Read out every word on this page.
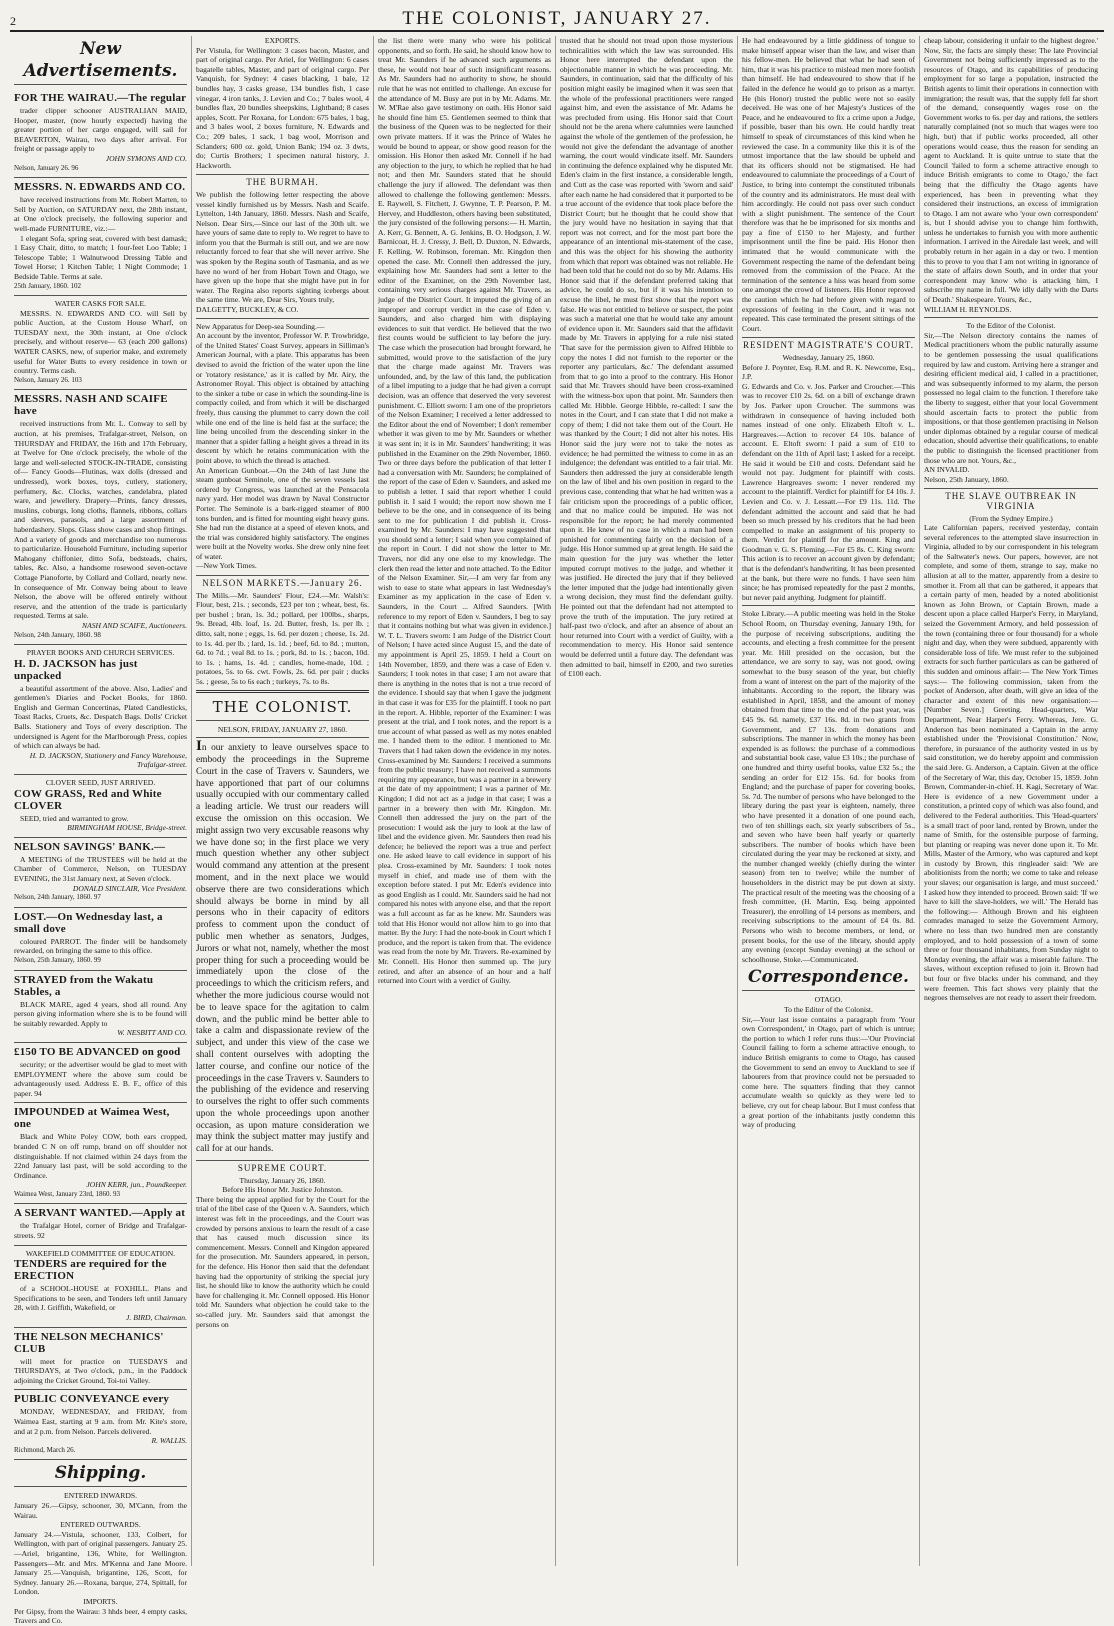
2	THE COLONIST, JANUARY 27.
New Advertisements.
FOR THE WAIRAU.—The regular

trader clipper schooner AUSTRALIAN MAID, Hooper, master, (now hourly expected) having the greater portion of her cargo engaged, will sail for BEAVERTON, Wairau, two days after arrival. For freight or passage apply to

JOHN SYMONS AND CO.
Nelson, January 26. 96
MESSRS. N. EDWARDS AND CO.

have received instructions from Mr. Robert Marten, to Sell by Auction, on SATURDAY next, the 28th instant, at One o'clock precisely, the following superior and well-made FURNITURE, viz.:—

1 elegant Sofa, spring seat, covered with best damask; 1 Easy Chair, ditto, to match; 1 four-feet Loo Table; 1 Telescope Table; 1 Walnutwood Dressing Table and Towel Horse; 1 Kitchen Table; 1 Night Commode; 1 Bedside Table. Terms at sale.

25th January, 1860. 102
WATER CASKS FOR SALE.

MESSRS. N. EDWARDS AND CO. will Sell by public Auction, at the Custom House Wharf, on TUESDAY next, the 30th instant, at One o'clock precisely, and without reserve— 63 (each 200 gallons) WATER CASKS, new, of superior make, and extremely useful for Water Butts to every residence in town or country. Terms cash.

Nelson, January 26. 103
MESSRS. NASH AND SCAIFE have

received instructions from Mr. L. Conway to sell by auction, at his premises, Trafalgar-street, Nelson, on THURSDAY and FRIDAY, the 16th and 17th February, at Twelve for One o'clock precisely, the whole of the large and well-selected STOCK-IN-TRADE, consisting of— Fancy Goods—Flutinas, wax dolls (dressed and undressed), work boxes, toys, cutlery, stationery, perfumery, &c. Clocks, watches, candelabra, plated ware, and jewellery. Drapery—Prints, fancy dresses, muslins, coburgs, long cloths, flannels, ribbons, collars and sleeves, parasols, and a large assortment of haberdashery. Slops. Glass show cases and shop fittings. And a variety of goods and merchandise too numerous to particularize. Household Furniture, including superior Mahogany chiffonier, ditto Sofa, bedsteads, chairs, tables, &c. Also, a handsome rosewood seven-octave Cottage Pianoforte, by Collard and Collard, nearly new. In consequence of Mr. Conway being about to leave Nelson, the above will be offered entirely without reserve, and the attention of the trade is particularly requested. Terms at sale.

NASH AND SCAIFE, Auctioneers.
Nelson, 24th January, 1860. 98
PRAYER BOOKS AND CHURCH SERVICES.
H. D. JACKSON has just unpacked

a beautiful assortment of the above. Also, Ladies' and gentlemen's Diaries and Pocket Books, for 1860. English and German Concertinas, Plated Candlesticks, Toast Racks, Cruets, &c. Despatch Bags. Dolls' Cricket Balls. Stationery and Toys of every description. The undersigned is Agent for the Marlborough Press, copies of which can always be had.

H. D. JACKSON, Stationery and Fancy Warehouse, Trafalgar-street.
CLOVER SEED, JUST ARRIVED.
COW GRASS, Red and White CLOVER

SEED, tried and warranted to grow.

BIRMINGHAM HOUSE, Bridge-street.
NELSON SAVINGS' BANK.—

A MEETING of the TRUSTEES will be held at the Chamber of Commerce, Nelson, on TUESDAY EVENING, the 31st January next, at Seven o'clock.

DONALD SINCLAIR, Vice President.
Nelson, 24th January, 1860. 97
LOST.—On Wednesday last, a small dove

coloured PARROT. The finder will be handsomely rewarded, on bringing the same to this office.

Nelson, 25th January, 1860. 99
STRAYED from the Wakatu Stables, a

BLACK MARE, aged 4 years, shod all round. Any person giving information where she is to be found will be suitably rewarded. Apply to

W. NESBITT AND CO.
£150 TO BE ADVANCED on good

security; or the advertiser would be glad to meet with EMPLOYMENT where the above sum could be advantageously used. Address E. B. F., office of this paper. 94

IMPOUNDED at Waimea West, one

Black and White Poley COW, both ears cropped, branded C N on off rump, brand on off shoulder not distinguishable. If not claimed within 24 days from the 22nd January last past, will be sold according to the Ordinance.

JOHN KERR, jun., Poundkeeper.
Waimea West, January 23rd, 1860. 93
A SERVANT WANTED.—Apply at

the Trafalgar Hotel, corner of Bridge and Trafalgar-streets. 92

WAKEFIELD COMMITTEE OF EDUCATION.
TENDERS are required for the ERECTION

of a SCHOOL-HOUSE at FOXHILL. Plans and Specifications to be seen, and Tenders left until January 28, with J. Griffith, Wakefield, or

J. BIRD, Chairman.
THE NELSON MECHANICS' CLUB

will meet for practice on TUESDAYS and THURSDAYS, at Two o'clock, p.m., in the Paddock adjoining the Cricket Ground, Toi-toi Valley.

PUBLIC CONVEYANCE every

MONDAY, WEDNESDAY, and FRIDAY, from Waimea East, starting at 9 a.m. from Mr. Kite's store, and at 2 p.m. from Nelson. Parcels delivered.

R. WALLIS.
Richmond, March 26.
Shipping.
ENTERED INWARDS.

January 26.—Gipsy, schooner, 30, M'Cann, from the Wairau.

ENTERED OUTWARDS.

January 24.—Vistula, schooner, 133, Colbert, for Wellington, with part of original passengers. January 25.—Ariel, brigantine, 136, White, for Wellington. Passengers—Mr. and Mrs. M'Kenna and Jane Moore. January 25.—Vanquish, brigantine, 126, Scott, for Sydney. January 26.—Roxana, barque, 274, Spittall, for London.

IMPORTS.

Per Gipsy, from the Wairau: 3 hhds beer, 4 empty casks, Travers and Co.

EXPORTS.

Per Vistula, for Wellington: 3 cases bacon, Master, and part of original cargo. Per Ariel, for Wellington: 6 cases bagatelle tables, Master, and part of original cargo. Per Vanquish, for Sydney: 4 cases blacking, 1 bale, 12 bundles hay, 3 casks grease, 134 bundles fish, 1 case vinegar, 4 iron tanks, J. Levien and Co.; 7 bales wool, 4 bundles flax, 20 bundles sheepskins, Lightband; 8 cases apples, Scott. Per Roxana, for London: 675 bales, 1 bag, and 3 bales wool, 2 boxes furniture, N. Edwards and Co.; 209 bales, 1 sack, 1 bag wool, Morrison and Sclanders; 600 oz. gold, Union Bank; 194 oz. 3 dwts, do; Curtis Brothers; 1 specimen natural history, J. Hackworth.

THE BURMAH.

We publish the following letter respecting the above vessel kindly furnished us by Messrs. Nash and Scaife. Lyttelton, 14th January, 1860. Messrs. Nash and Scaife, Nelson. Dear Sirs,—Since our last of the 30th ult. we have yours of same date to reply to. We regret to have to inform you that the Burmah is still out, and we are now reluctantly forced to fear that she will never arrive. She was spoken by the Regina south of Tasmania, and as we have no word of her from Hobart Town and Otago, we have given up the hope that she might have put in for water. The Regina also reports sighting icebergs about the same time. We are, Dear Sirs, Yours truly,

DALGETTY, BUCKLEY, & CO.

New Apparatus for Deep-sea Sounding.—

An account by the inventor, Professor W. P. Trowbridge, of the United States' Coast Survey, appears in Silliman's American Journal, with a plate. This apparatus has been devised to avoid the friction of the water upon the line or 'rotatory resistance,' as it is called by Mr. Airy, the Astronomer Royal. This object is obtained by attaching to the sinker a tube or case in which the sounding-line is compactly coiled, and from which it will be discharged freely, thus causing the plummet to carry down the coil while one end of the line is held fast at the surface; the line being uncoiled from the descending sinker in the manner that a spider falling a height gives a thread in its descent by which he retains communication with the point above, to which the thread is attached.

An American Gunboat.—On the 24th of last June the steam gunboat Seminole, one of the seven vessels last ordered by Congress, was launched at the Pensacola navy yard. Her model was drawn by Naval Constructor Porter. The Seminole is a bark-rigged steamer of 800 tons burden, and is fitted for mounting eight heavy guns. She had run the distance at a speed of eleven knots, and the trial was considered highly satisfactory. The engines were built at the Novelty works. She drew only nine feet of water.

—New York Times.
NELSON MARKETS.—January 26.

The Mills.—Mr. Saunders' Flour, £24.—Mr. Walsh's: Flour, best, 21s. ; seconds, £23 per ton ; wheat, best, 6s. per bushel ; bran, 1s. 3d.; pollard, per 100lbs., sharps, 9s. Bread, 4lb. loaf, 1s. 2d. Butter, fresh, 1s. per lb. ; ditto, salt, none ; eggs, 1s. 6d. per dozen ; cheese, 1s. 2d. to 1s. 4d. per lb. ; lard, 1s. 1d. ; beef, 6d. to 8d. ; mutton, 6d. to 7d. ; veal 8d. to 1s. ; pork, 8d. to 1s. ; bacon, 10d. to 1s. ; hams, 1s. 4d. ; candles, home-made, 10d. ; potatoes, 5s. to 6s. cwt. Fowls, 2s. 6d. per pair ; ducks 5s. ; geese, 5s to 6s each ; turkeys, 7s. to 8s.

THE COLONIST.
NELSON, FRIDAY, JANUARY 27, 1860.

In our anxiety to leave ourselves space to embody the proceedings in the Supreme Court in the case of Travers v. Saunders, we have apportioned that part of our columns usually occupied with our commentary called a leading article. We trust our readers will excuse the omission on this occasion. We might assign two very excusable reasons why we have done so; in the first place we very much question whether any other subject would command any attention at the present moment, and in the next place we would observe there are two considerations which should always be borne in mind by all persons who in their capacity of editors profess to comment upon the conduct of public men whether as senators, Judges, Jurors or what not, namely, whether the most proper thing for such a proceeding would be immediately upon the close of the proceedings to which the criticism refers, and whether the more judicious course would not be to leave space for the agitation to calm down, and the public mind be better able to take a calm and dispassionate review of the subject, and under this view of the case we shall content ourselves with adopting the latter course, and confine our notice of the proceedings in the case Travers v. Saunders to the publishing of the evidence and reserving to ourselves the right to offer such comments upon the whole proceedings upon another occasion, as upon mature consideration we may think the subject matter may justify and call for at our hands.

SUPREME COURT.
Thursday, January 26, 1860.
Before His Honor Mr. Justice Johnston.

There being the appeal applied for by the Court for the trial of the libel case of the Queen v. A. Saunders, which interest was felt in the proceedings, and the Court was crowded by persons anxious to learn the result of a case that has caused much discussion since its commencement. Messrs. Connell and Kingdon appeared for the prosecution. Mr. Saunders appeared, in person, for the defence. His Honor then said that the defendant having had the opportunity of striking the special jury list, he should like to know the authority which he could have for challenging it. Mr. Connell opposed. His Honor told Mr. Saunders what objection he could take to the so-called jury. Mr. Saunders said that amongst the persons on

the list there were many who were his political opponents, and so forth. He said, he should know how to treat Mr. Saunders if he advanced such arguments as these, he would not hear of such insignificant reasons. As Mr. Saunders had no authority to show, he should rule that he was not entitled to challenge. An excuse for the attendance of M. Busy are put in by Mr. Adams. Mr. W. M'Rae also gave testimony on oath. His Honor said he should fine him £5. Gentlemen seemed to think that the business of the Queen was to be neglected for their own private matters. If it was the Prince of Wales he would be bound to appear, or show good reason for the omission. His Honor then asked Mr. Connell if he had any objection to the jury, to which he replied that he had not; and then Mr. Saunders stated that he should challenge the jury if allowed. The defendant was then allowed to challenge the following gentlemen: Messrs. E. Raywell, S. Fitchett, J. Gwynne, T. P. Pearson, P. M. Hervey, and Huddleston, others having been substituted, the jury consisted of the following persons:— H. Martin, A. Kerr, G. Bennett, A. G. Jenkins, B. O. Hodgson, J. W. Barnicoat, H. J. Cressy, J. Bell, D. Duxton, N. Edwards, F. Kelling, W. Robinson, foreman. Mr. Kingdon then opened the case. Mr. Connell then addressed the jury, explaining how Mr. Saunders had sent a letter to the editor of the Examiner, on the 29th November last, containing very serious charges against Mr. Travers, as judge of the District Court. It imputed the giving of an improper and corrupt verdict in the case of Eden v. Saunders, and also charged him with displaying evidences to suit that verdict. He believed that the two first counts would be sufficient to lay before the jury. The case which the prosecution had brought forward, he submitted, would prove to the satisfaction of the jury that the charge made against Mr. Travers was unfounded, and, by the law of this land, the publication of a libel imputing to a judge that he had given a corrupt decision, was an offence that deserved the very severest punishment. C. Elliott sworn: I am one of the proprietors of the Nelson Examiner; I received a letter addressed to the Editor about the end of November; I don't remember whether it was given to me by Mr. Saunders or whether it was sent in; it is in Mr. Saunders' handwriting; it was published in the Examiner on the 29th November, 1860. Two or three days before the publication of that letter I had a conversation with Mr. Saunders; he complained of the report of the case of Eden v. Saunders, and asked me to publish a letter. I said that report whether I could publish it. I said I would; the report now shown me I believe to be the one, and in consequence of its being sent to me for publication I did publish it. Cross-examined by Mr. Saunders: I may have suggested that you should send a letter; I said when you complained of the report in Court. I did not show the letter to Mr. Travers, nor did any one else to my knowledge. The clerk then read the letter and note attached. To the Editor of the Nelson Examiner. Sir,—I am very far from any wish to ease to state what appears in last Wednesday's Examiner as my application in the case of Eden v. Saunders, in the Court ... Alfred Saunders. [With reference to my report of Eden v. Saunders, I beg to say that it contains nothing but what was given in evidence.] W. T. L. Travers sworn: I am Judge of the District Court of Nelson; I have acted since August 15, and the date of my appointment is April 25, 1859. I held a Court on 14th November, 1859, and there was a case of Eden v. Saunders; I took notes in that case; I am not aware that there is anything in the notes that is not a true record of the evidence. I should say that when I gave the judgment in that case it was for £35 for the plaintiff. I took no part in the report. A. Hibble, reporter of the Examiner: I was present at the trial, and I took notes, and the report is a true account of what passed as well as my notes enabled me. I handed them to the editor. I mentioned to Mr. Travers that I had taken down the evidence in my notes. Cross-examined by Mr. Saunders: I received a summons from the public treasury; I have not received a summons requiring my appearance, but was a partner in a brewery at the date of my appointment; I was a partner of Mr. Kingdon; I did not act as a judge in that case; I was a partner in a brewery then with Mr. Kingdon. Mr. Connell then addressed the jury on the part of the prosecution: I would ask the jury to look at the law of libel and the evidence given. Mr. Saunders then read his defence; he believed the report was a true and perfect one. He asked leave to call evidence in support of his plea. Cross-examined by Mr. Saunders: I took notes myself in chief, and made use of them with the exception before stated. I put Mr. Eden's evidence into as good English as I could. Mr. Saunders said he had not compared his notes with anyone else, and that the report was a full account as far as he knew. Mr. Saunders was told that His Honor would not allow him to go into that matter. By the Jury: I had the note-book in Court which I produce, and the report is taken from that. The evidence was read from the note by Mr. Travers. Re-examined by Mr. Connell. His Honor then summed up. The jury retired, and after an absence of an hour and a half returned into Court with a verdict of Guilty.

trusted that he should not tread upon those mysterious technicalities with which the law was surrounded. His Honor here interrupted the defendant upon the objectionable manner in which he was proceeding. Mr. Saunders, in continuation, said that the difficulty of his position might easily be imagined when it was seen that the whole of the professional practitioners were ranged against him, and even the assistance of Mr. Adams he was precluded from using. His Honor said that Court should not be the arena where calumnies were launched against the whole of the gentlemen of the profession, he would not give the defendant the advantage of another warning, the court would vindicate itself. Mr. Saunders in continuing the defence explained why he disputed Mr. Eden's claim in the first instance, a considerable length, and Cutt as the case was reported with 'sworn and said' after each name he had considered that it purported to be a true account of the evidence that took place before the District Court; but he thought that he could show that the jury would have no hesitation in saying that that report was not correct, and for the most part bore the appearance of an intentional mis-statement of the case, and this was the object for his showing the authority from which that report was obtained was not reliable. He had been told that he could not do so by Mr. Adams. His Honor said that if the defendant preferred taking that advice, he could do so, but if it was his intention to excuse the libel, he must first show that the report was false. He was not entitled to believe or suspect, the point was such a material one that he would take any amount of evidence upon it. Mr. Saunders said that the affidavit made by Mr. Travers in applying for a rule nisi stated 'That save for the permission given to Alfred Hibble to copy the notes I did not furnish to the reporter or the reporter any particulars, &c.' The defendant assumed from that to go into a proof to the contrary. His Honor said that Mr. Travers should have been cross-examined with the witness-box upon that point. Mr. Saunders then called Mr. Hibble. George Hibble, re-called: I saw the notes in the Court, and I can state that I did not make a copy of them; I did not take them out of the Court. He was thanked by the Court; I did not alter his notes. His Honor said the jury were not to take the notes as evidence; he had permitted the witness to come in as an indulgence; the defendant was entitled to a fair trial. Mr. Saunders then addressed the jury at considerable length on the law of libel and his own position in regard to the previous case, contending that what he had written was a fair criticism upon the proceedings of a public officer, and that no malice could be imputed. He was not responsible for the report; he had merely commented upon it. He knew of no case in which a man had been punished for commenting fairly on the decision of a judge. His Honor summed up at great length. He said the main question for the jury was whether the letter imputed corrupt motives to the judge, and whether it was justified. He directed the jury that if they believed the letter imputed that the judge had intentionally given a wrong decision, they must find the defendant guilty. He pointed out that the defendant had not attempted to prove the truth of the imputation. The jury retired at half-past two o'clock, and after an absence of about an hour returned into Court with a verdict of Guilty, with a recommendation to mercy. His Honor said sentence would be deferred until a future day. The defendant was then admitted to bail, himself in £200, and two sureties of £100 each.

He had endeavoured by a little giddiness of tongue to make himself appear wiser than the law, and wiser than his fellow-men. He believed that what he had seen of him, that it was his practice to mislead men more foolish than himself. He had endeavoured to show that if he failed in the defence he would go to prison as a martyr. He (his Honor) trusted the public were not so easily deceived. He was one of her Majesty's Justices of the Peace, and he endeavoured to fix a crime upon a Judge, if possible, baser than his own. He could hardly treat himself to speak of circumstances of this kind when he reviewed the case. In a community like this it is of the utmost importance that the law should be upheld and that its officers should not be stigmatised. He had endeavoured to calumniate the proceedings of a Court of Justice, to bring into contempt the constituted tribunals of the country and its administrators. He must deal with him accordingly. He could not pass over such conduct with a slight punishment. The sentence of the Court therefore was that he be imprisoned for six months and pay a fine of £150 to her Majesty, and further imprisonment until the fine be paid. His Honor then intimated that he would communicate with the Government respecting the name of the defendant being removed from the commission of the Peace. At the termination of the sentence a hiss was heard from some one amongst the crowd of listeners. His Honor reproved the caution which he had before given with regard to expressions of feeling in the Court, and it was not repeated. This case terminated the present sittings of the Court.

RESIDENT MAGISTRATE'S COURT.
Wednesday, January 25, 1860.

Before J. Poynter, Esq. R.M. and R. K. Newcome, Esq., J.P.

G. Edwards and Co. v. Jos. Parker and Croucher.—This was to recover £10 2s. 6d. on a bill of exchange drawn by Jos. Parker upon Croucher. The summons was withdrawn in consequence of having included both names instead of one only. Elizabeth Eltoft v. L. Hargreaves.—Action to recover £4 10s. balance of account. E. Eltoft sworn: I paid a sum of £10 to defendant on the 11th of April last; I asked for a receipt. He said it would be £10 and costs. Defendant said he would not pay. Judgment for plaintiff with costs. Lawrence Hargreaves sworn: I never rendered my account to the plaintiff. Verdict for plaintiff for £4 10s. J. Levien and Co. v. J. Lessatt.—For £9 11s. 11d. The defendant admitted the account and said that he had been so much pressed by his creditors that he had been compelled to make an assignment of his property to them. Verdict for plaintiff for the amount. King and Goodman v. G. S. Fleming.—For £5 8s. C. King sworn: This action is to recover an account given by defendant; that is the defendant's handwriting. It has been presented at the bank, but there were no funds. I have seen him since; he has promised repeatedly for the past 2 months, but never paid anything. Judgment for plaintiff.

Stoke Library.—A public meeting was held in the Stoke School Room, on Thursday evening, January 19th, for the purpose of receiving subscriptions, auditing the accounts, and electing a fresh committee for the present year. Mr. Hill presided on the occasion, but the attendance, we are sorry to say, was not good, owing somewhat to the busy season of the year, but chiefly from a want of interest on the part of the majority of the inhabitants. According to the report, the library was established in April, 1858, and the amount of money obtained from that time to the end of the past year, was £45 9s. 6d. namely, £37 16s. 8d. in two grants from Government, and £7 13s. from donations and subscriptions. The manner in which the money has been expended is as follows: the purchase of a commodious and substantial book case, value £3 10s.; the purchase of one hundred and thirty useful books, value £32 5s.; the sending an order for £12 15s. 6d. for books from England; and the purchase of paper for covering books, 5s. 7d. The number of persons who have belonged to the library during the past year is eighteen, namely, three who have presented it a donation of one pound each, two of ten shillings each, six yearly subscribers of 5s., and seven who have been half yearly or quarterly subscribers. The number of books which have been circulated during the year may be reckoned at sixty, and the number changed weekly (chiefly during the winter season) from ten to twelve; while the number of householders in the district may be put down at sixty. The practical result of the meeting was the choosing of a fresh committee, (H. Martin, Esq. being appointed Treasurer), the enrolling of 14 persons as members, and receiving subscriptions to the amount of £4 0s. 8d. Persons who wish to become members, or lend, or present books, for the use of the library, should apply any evening (except Sunday evening) at the school or schoolhouse, Stoke.—Communicated.

Correspondence.
OTAGO.
To the Editor of the Colonist.

Sir,—Your last issue contains a paragraph from 'Your own Correspondent,' in Otago, part of which is untrue; the portion to which I refer runs thus:—'Our Provincial Council failing to form a scheme attractive enough, to induce British emigrants to come to Otago, has caused the Government to send an envoy to Auckland to see if labourers from that province could not be persuaded to come here. The squatters finding that they cannot accumulate wealth so quickly as they were led to believe, cry out for cheap labour. But I must confess that a great portion of the inhabitants justly condemn this way of producing

cheap labour, considering it unfair to the highest degree.' Now, Sir, the facts are simply these: The late Provincial Government not being sufficiently impressed as to the resources of Otago, and its capabilities of producing employment for so large a population, instructed the British agents to limit their operations in connection with immigration; the result was, that the supply fell far short of the demand, consequently wages rose on the Government works to 6s. per day and rations, the settlers naturally complained (not so much that wages were too high, but) that if public works proceeded, all other operations would cease, thus the reason for sending an agent to Auckland. It is quite untrue to state that the Council 'failed to form a scheme attractive enough to induce British emigrants to come to Otago,' the fact being that the difficulty the Otago agents have experienced, has been in preventing what they considered their instructions, an excess of immigration to Otago. I am not aware who 'your own correspondent' is, but I should advise you to change him forthwith, unless he undertakes to furnish you with more authentic information. I arrived in the Airedale last week, and will probably return in her again in a day or two. I mention this to prove to you that I am not writing in ignorance of the state of affairs down South, and in order that your correspondent may know who is attacking him, I subscribe my name in full. 'We idly dally with the Darts of Death.' Shakespeare. Yours, &c.,

WILLIAM H. REYNOLDS.
To the Editor of the Colonist.

Sir,—The Nelson directory contains the names of Medical practitioners whom the public naturally assume to be gentlemen possessing the usual qualifications required by law and custom. Arriving here a stranger and desiring efficient medical aid, I called in a practitioner, and was subsequently informed to my alarm, the person possessed no legal claim to the function. I therefore take the liberty to suggest, either that your local Government should ascertain facts to protect the public from impositions, or that those gentlemen practising in Nelson under diplomas obtained by a regular course of medical education, should advertise their qualifications, to enable the public to distinguish the licensed practitioner from those who are not. Yours, &c.,

AN INVALID.
Nelson, 25th January, 1860.
THE SLAVE OUTBREAK IN VIRGINIA
(From the Sydney Empire.)

Late Californian papers, received yesterday, contain several references to the attempted slave insurrection in Virginia, alluded to by our correspondent in his telegram of the Saltwater's news. Our papers, however, are not complete, and some of them, strange to say, make no allusion at all to the matter, apparently from a desire to smother it. From all that can be gathered, it appears that a certain party of men, headed by a noted abolitionist known as John Brown, or Captain Brown, made a descent upon a place called Harper's Ferry, in Maryland, seized the Government Armory, and held possession of the town (containing three or four thousand) for a whole night and day, when they were subdued, apparently with considerable loss of life. We must refer to the subjoined extracts for such further particulars as can be gathered of this sudden and ominous affair:— The New York Times says:— The following commission, taken from the pocket of Anderson, after death, will give an idea of the character and extent of this new organisation:— [Number Seven.] Greeting. Head-quarters, War Department, Near Harper's Ferry. Whereas, Jere. G. Anderson has been nominated a Captain in the army established under the 'Provisional Constitution.' Now, therefore, in pursuance of the authority vested in us by said constitution, we do hereby appoint and commission the said Jere. G. Anderson, a Captain. Given at the office of the Secretary of War, this day, October 15, 1859. John Brown, Commander-in-chief. H. Kagi, Secretary of War. Here is evidence of a new Government under a constitution, a printed copy of which was also found, and delivered to the Federal authorities. This 'Head-quarters' is a small tract of poor land, rented by Brown, under the name of Smith, for the ostensible purpose of farming, but planting or reaping was never done upon it. To Mr. Mills, Master of the Armory, who was captured and kept in custody by Brown, this ringleader said: 'We are abolitionists from the north; we come to take and release your slaves; our organisation is large, and must succeed.' I asked how they intended to proceed. Brown said: 'If we have to kill the slave-holders, we will.' The Herald has the following:— Although Brown and his eighteen comrades managed to seize the Government Armory, where no less than two hundred men are constantly employed, and to hold possession of a town of some three or four thousand inhabitants, from Sunday night to Monday evening, the affair was a miserable failure. The slaves, without exception refused to join it. Brown had but four or five blacks under his command, and they were freemen. This fact shows very plainly that the negroes themselves are not ready to assert their freedom.
